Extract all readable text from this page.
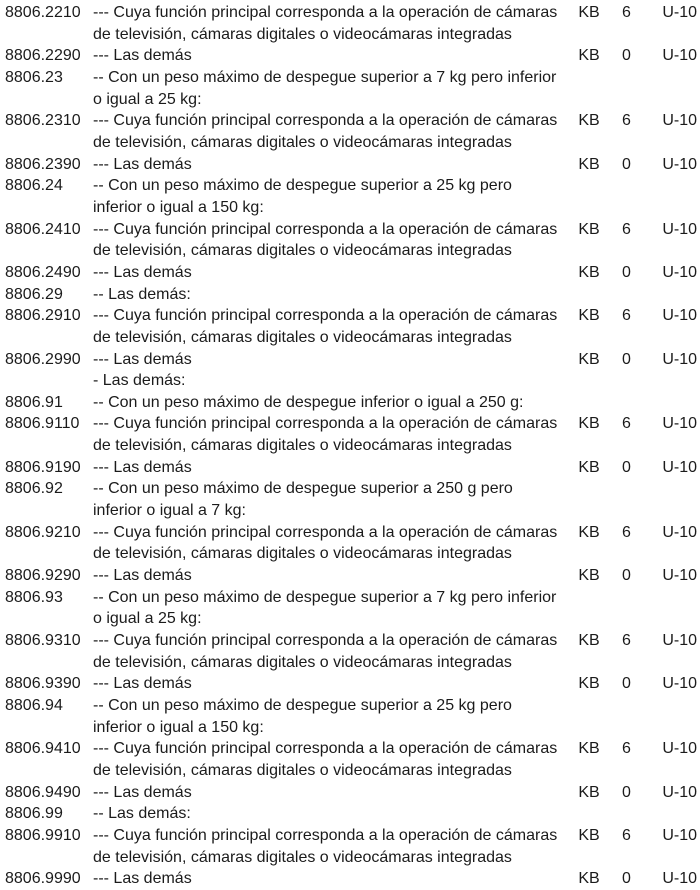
8806.2210 --- Cuya función principal corresponda a la operación de cámaras
de televisión, cámaras digitales o videocámaras integradas
KB	6	U-10
8806.2290 --- Las demás	KB	0	U-10
8806.23	-- Con un peso máximo de despegue superior a 7 kg pero inferior
o igual a 25 kg:
8806.2310 --- Cuya función principal corresponda a la operación de cámaras
de televisión, cámaras digitales o videocámaras integradas
KB	6	U-10
8806.2390 --- Las demás	KB	0	U-10
8806.24	-- Con un peso máximo de despegue superior a 25 kg pero
inferior o igual a 150 kg:
8806.2410 --- Cuya función principal corresponda a la operación de cámaras
de televisión, cámaras digitales o videocámaras integradas
KB	6	U-10
8806.2490 --- Las demás	KB	0	U-10
8806.29	-- Las demás:
8806.2910 --- Cuya función principal corresponda a la operación de cámaras
de televisión, cámaras digitales o videocámaras integradas
KB	6	U-10
8806.2990 --- Las demás	KB	0	U-10
- Las demás:
8806.91	-- Con un peso máximo de despegue inferior o igual a 250 g:
8806.9110 --- Cuya función principal corresponda a la operación de cámaras
de televisión, cámaras digitales o videocámaras integradas
KB	6	U-10
8806.9190 --- Las demás	KB	0	U-10
8806.92	-- Con un peso máximo de despegue superior a 250 g pero
inferior o igual a 7 kg:
8806.9210 --- Cuya función principal corresponda a la operación de cámaras
de televisión, cámaras digitales o videocámaras integradas
KB	6	U-10
8806.9290 --- Las demás	KB	0	U-10
8806.93	-- Con un peso máximo de despegue superior a 7 kg pero inferior
o igual a 25 kg:
8806.9310 --- Cuya función principal corresponda a la operación de cámaras
de televisión, cámaras digitales o videocámaras integradas
KB	6	U-10
8806.9390 --- Las demás	KB	0	U-10
8806.94	-- Con un peso máximo de despegue superior a 25 kg pero
inferior o igual a 150 kg:
8806.9410 --- Cuya función principal corresponda a la operación de cámaras
de televisión, cámaras digitales o videocámaras integradas
KB	6	U-10
8806.9490 --- Las demás	KB	0	U-10
8806.99	-- Las demás:
8806.9910 --- Cuya función principal corresponda a la operación de cámaras
de televisión, cámaras digitales o videocámaras integradas
KB	6	U-10
8806.9990 --- Las demás	KB	0	U-10
